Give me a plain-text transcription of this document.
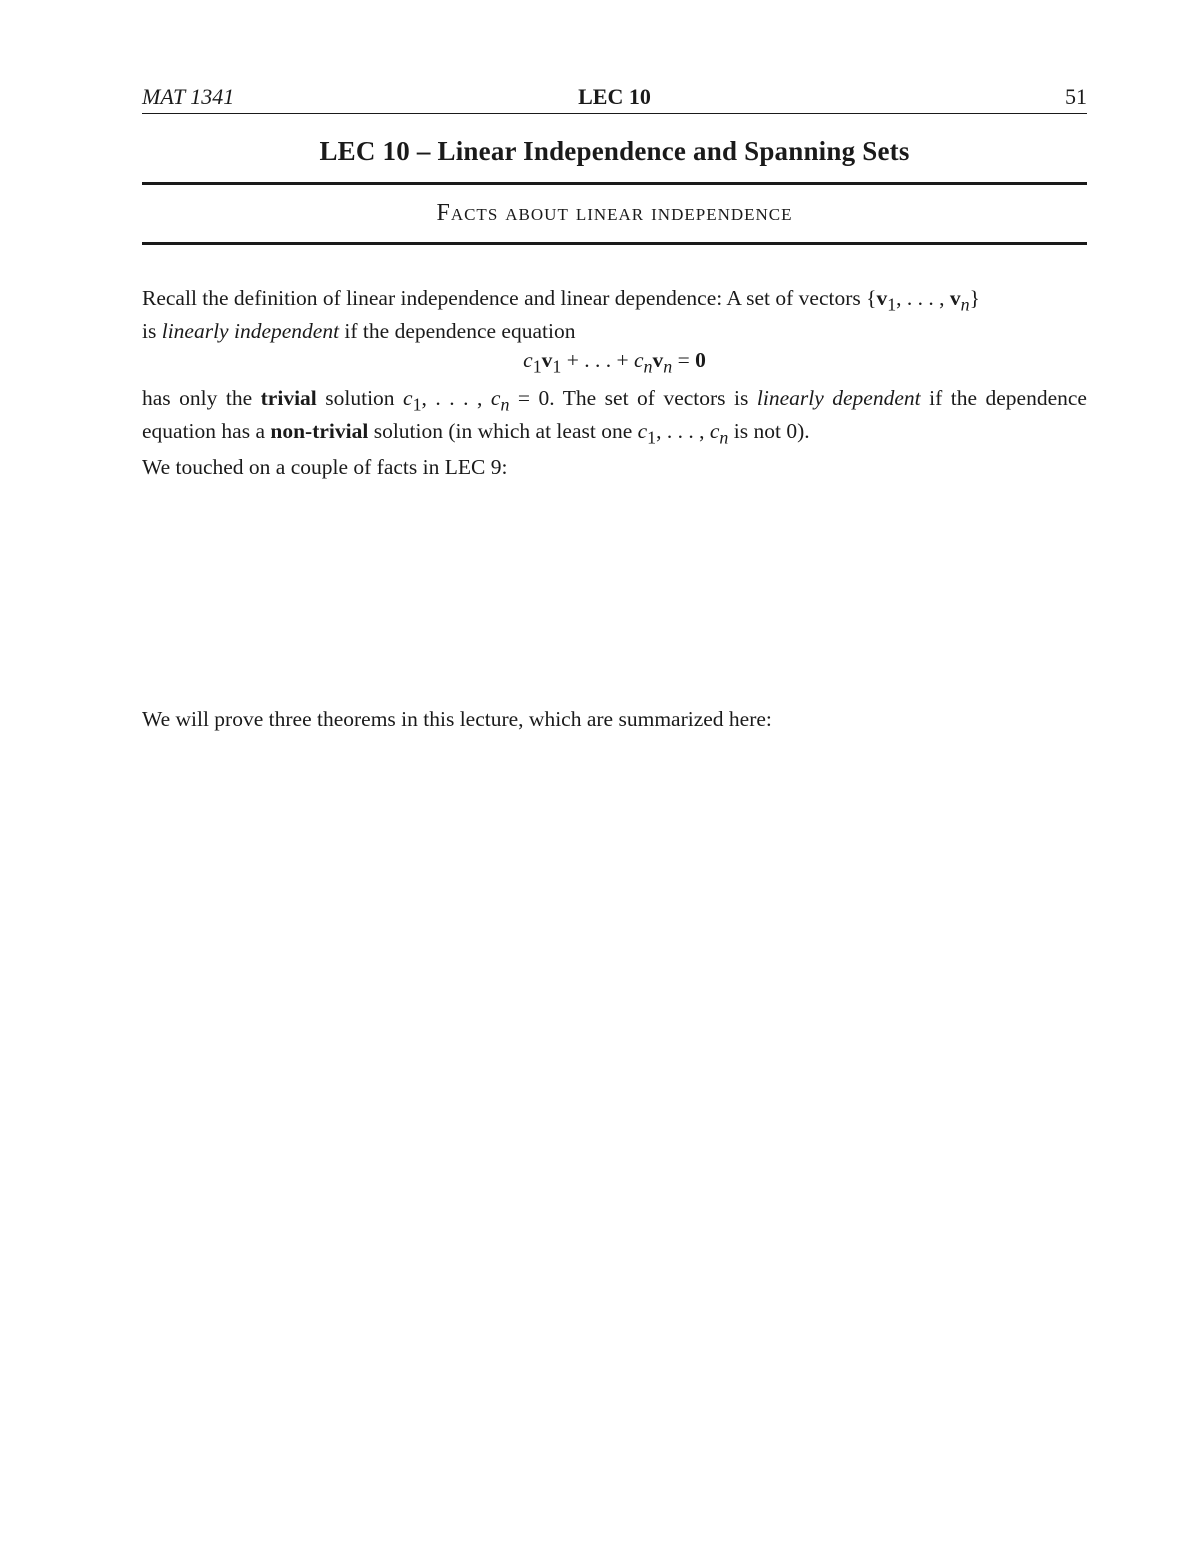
MAT 1341	LEC 10	51
LEC 10 – Linear Independence and Spanning Sets
Facts about linear independence
Recall the definition of linear independence and linear dependence: A set of vectors {$v_1$, . . . , $v_n$}
is linearly independent if the dependence equation
$c_1v_1$ + . . . + $c_nv_n = 0$
has only the trivial solution $c_1$, . . . , $c_n = 0$. The set of vectors is linearly dependent if the dependence equation has a non-trivial solution (in which at least one $c_1$, . . . , $c_n$ is not 0).
We touched on a couple of facts in LEC 9:
We will prove three theorems in this lecture, which are summarized here:
